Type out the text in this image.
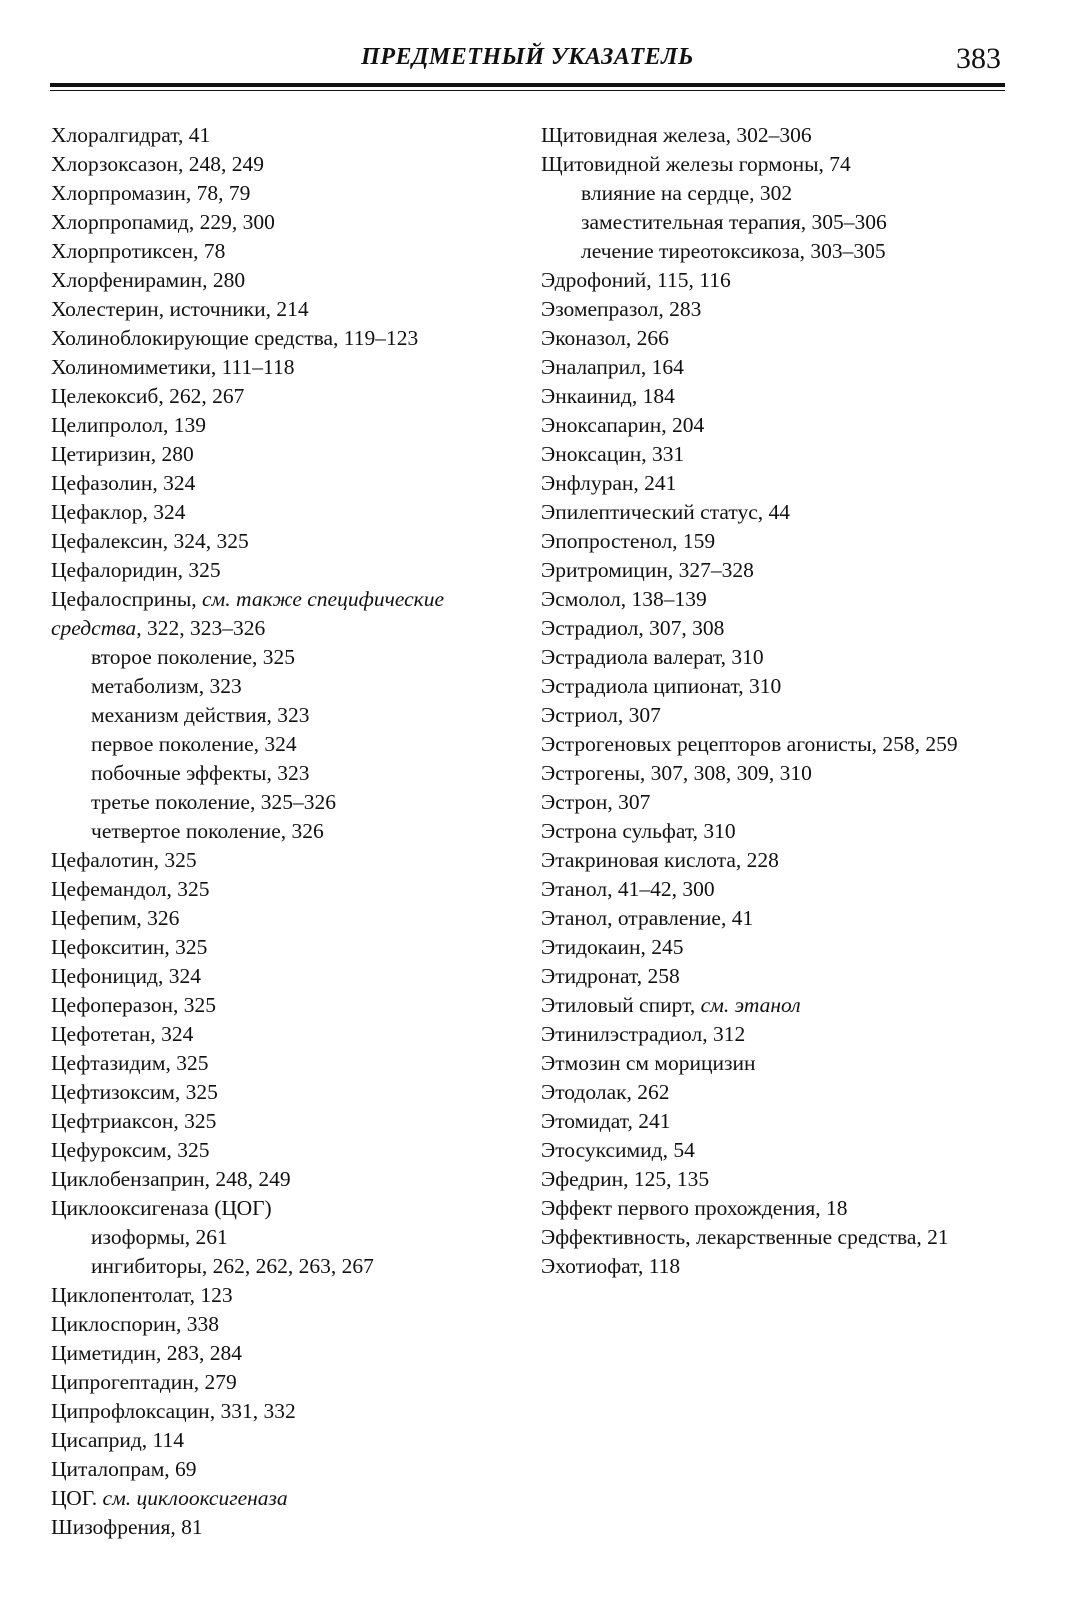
ПРЕДМЕТНЫЙ УКАЗАТЕЛЬ	383
Хлоралгидрат, 41
Хлорзоксазон, 248, 249
Хлорпромазин, 78, 79
Хлорпропамид, 229, 300
Хлорпротиксен, 78
Хлорфенирамин, 280
Холестерин, источники, 214
Холиноблокирующие средства, 119–123
Холиномиметики, 111–118
Целекоксиб, 262, 267
Целипролол, 139
Цетиризин, 280
Цефазолин, 324
Цефаклор, 324
Цефалексин, 324, 325
Цефалоридин, 325
Цефалосприны, см. также специфические
средства, 322, 323–326
второе поколение, 325
метаболизм, 323
механизм действия, 323
первое поколение, 324
побочные эффекты, 323
третье поколение, 325–326
четвертое поколение, 326
Цефалотин, 325
Цефемандол, 325
Цефепим, 326
Цефокситин, 325
Цефоницид, 324
Цефоперазон, 325
Цефотетан, 324
Цефтазидим, 325
Цефтизоксим, 325
Цефтриаксон, 325
Цефуроксим, 325
Циклобензаприн, 248, 249
Циклооксигеназа (ЦОГ)
изоформы, 261
ингибиторы, 262, 262, 263, 267
Циклопентолат, 123
Циклоспорин, 338
Циметидин, 283, 284
Ципрогептадин, 279
Ципрофлоксацин, 331, 332
Цисаприд, 114
Циталопрам, 69
ЦОГ. см. циклооксигеназа
Шизофрения, 81
Щитовидная железа, 302–306
Щитовидной железы гормоны, 74
влияние на сердце, 302
заместительная терапия, 305–306
лечение тиреотоксикоза, 303–305
Эдрофоний, 115, 116
Эзомепразол, 283
Эконазол, 266
Эналаприл, 164
Энкаинид, 184
Эноксапарин, 204
Эноксацин, 331
Энфлуран, 241
Эпилептический статус, 44
Эпопростенол, 159
Эритромицин, 327–328
Эсмолол, 138–139
Эстрадиол, 307, 308
Эстрадиола валерат, 310
Эстрадиола ципионат, 310
Эстриол, 307
Эстрогеновых рецепторов агонисты, 258, 259
Эстрогены, 307, 308, 309, 310
Эстрон, 307
Эстрона сульфат, 310
Этакриновая кислота, 228
Этанол, 41–42, 300
Этанол, отравление, 41
Этидокаин, 245
Этидронат, 258
Этиловый спирт, см. этанол
Этинилэстрадиол, 312
Этмозин см морицизин
Этодолак, 262
Этомидат, 241
Этосуксимид, 54
Эфедрин, 125, 135
Эффект первого прохождения, 18
Эффективность, лекарственные средства, 21
Эхотиофат, 118
